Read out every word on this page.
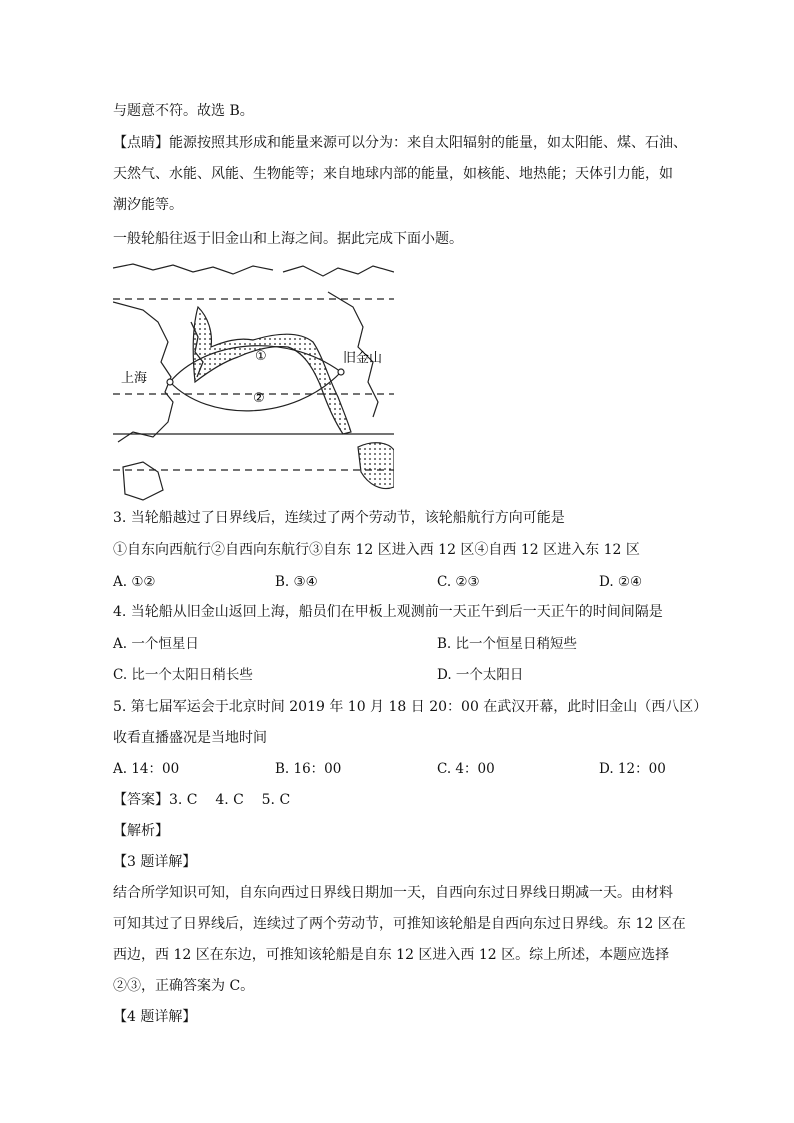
与题意不符。故选 B。
【点睛】能源按照其形成和能量来源可以分为：来自太阳辐射的能量，如太阳能、煤、石油、
天然气、水能、风能、生物能等；来自地球内部的能量，如核能、地热能；天体引力能，如
潮汐能等。
一般轮船往返于旧金山和上海之间。据此完成下面小题。
上海
旧金山
①
②
3. 当轮船越过了日界线后，连续过了两个劳动节，该轮船航行方向可能是
①自东向西航行②自西向东航行③自东 12 区进入西 12 区④自西 12 区进入东 12 区
A. ①②	B. ③④	C. ②③	D. ②④
4. 当轮船从旧金山返回上海，船员们在甲板上观测前一天正午到后一天正午的时间间隔是
A. 一个恒星日	B. 比一个恒星日稍短些
C. 比一个太阳日稍长些	D. 一个太阳日
5. 第七届军运会于北京时间 2019 年 10 月 18 日 20：00 在武汉开幕，此时旧金山（西八区）
收看直播盛况是当地时间
A. 14：00	B. 16：00	C. 4：00	D. 12：00
【答案】3. C    4. C    5. C
【解析】
【3 题详解】
结合所学知识可知，自东向西过日界线日期加一天，自西向东过日界线日期减一天。由材料
可知其过了日界线后，连续过了两个劳动节，可推知该轮船是自西向东过日界线。东 12 区在
西边，西 12 区在东边，可推知该轮船是自东 12 区进入西 12 区。综上所述，本题应选择
②③，正确答案为 C。
【4 题详解】
